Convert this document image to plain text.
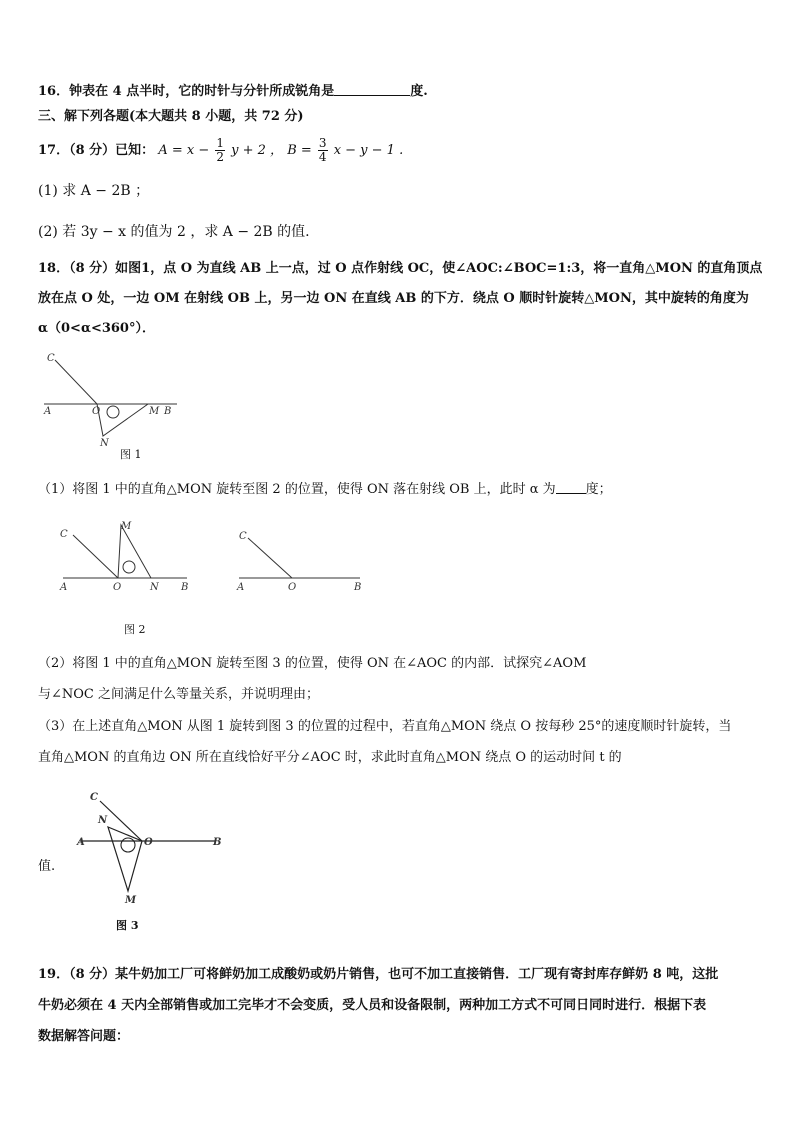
16．钟表在 4 点半时，它的时针与分针所成锐角是	度.
三、解下列各题(本大题共 8 小题，共 72 分)
17．（8 分）已知： $A = x - \frac{1}{2}$ y + 2 ， $B = \frac{3}{4}$ x − y − 1 .
(1) 求 A − 2B ；
(2) 若 3y − x 的值为 2 ，求 A − 2B 的值.
18．（8 分）如图1，点 O 为直线 AB 上一点，过 O 点作射线 OC，使∠AOC:∠BOC=1:3，将一直角△MON 的直角顶点
放在点 O 处，一边 OM 在射线 OB 上，另一边 ON 在直线 AB 的下方．绕点 O 顺时针旋转△MON，其中旋转的角度为
α（0<α<360°）．
C
A	O	M B
N
图 1
（1）将图 1 中的直角△MON 旋转至图 2 的位置，使得 ON 落在射线 OB 上，此时 α 为 度；
C
M
A	O	N B
C
A	O	B
图 2
（2）将图 1 中的直角△MON 旋转至图 3 的位置，使得 ON 在∠AOC 的内部．试探究∠AOM
与∠NOC 之间满足什么等量关系，并说明理由；
（3）在上述直角△MON 从图 1 旋转到图 3 的位置的过程中，若直角△MON 绕点 O 按每秒 25°的速度顺时针旋转，当
直角△MON 的直角边 ON 所在直线恰好平分∠AOC 时，求此时直角△MON 绕点 O 的运动时间 t 的
C
N
A	O	B
M
图 3
值.
19．（8 分）某牛奶加工厂可将鲜奶加工成酸奶或奶片销售，也可不加工直接销售．工厂现有寄封库存鲜奶 8 吨，这批
牛奶必须在 4 天内全部销售或加工完毕才不会变质，受人员和设备限制，两种加工方式不可同日同时进行．根据下表
数据解答问题：
